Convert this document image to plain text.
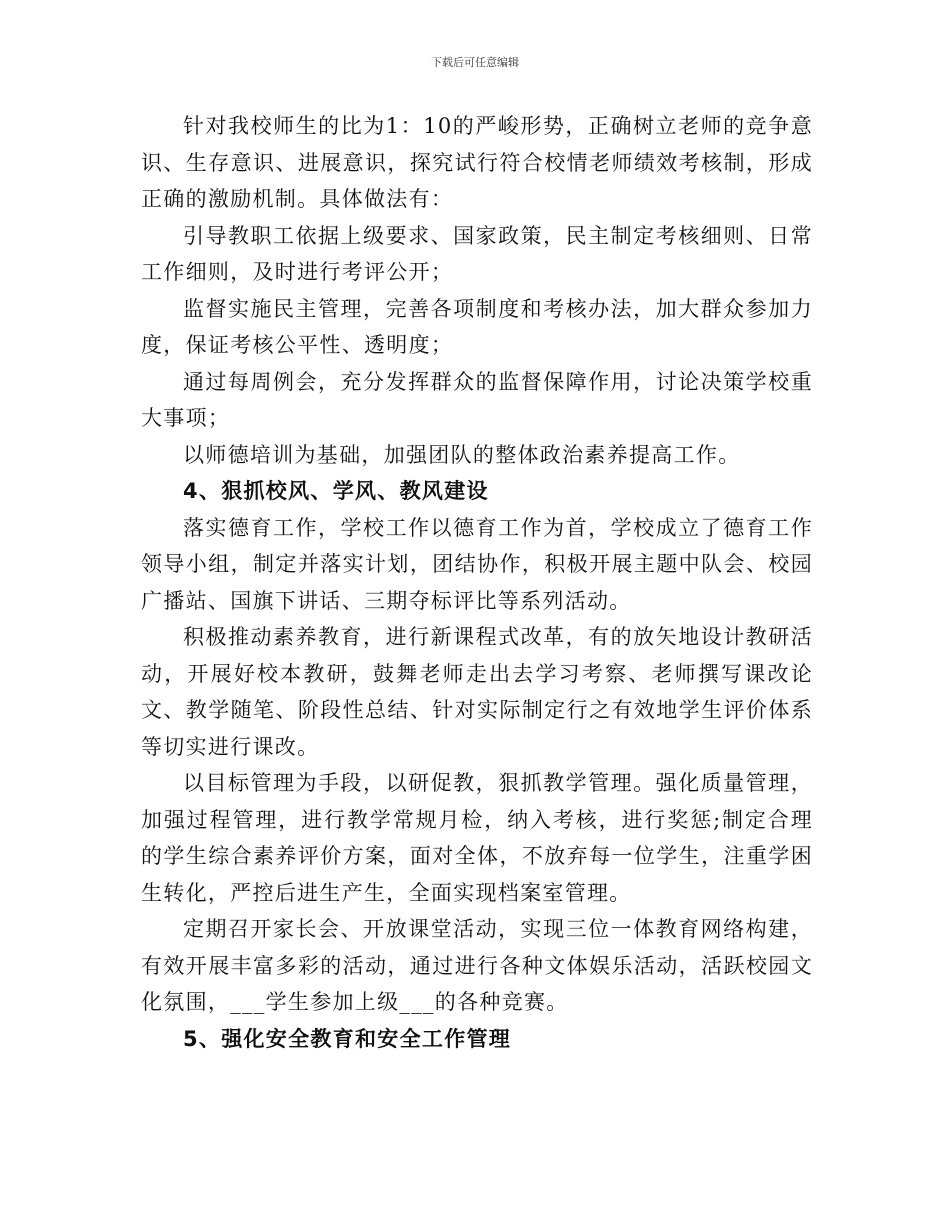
下载后可任意编辑

针对我校师生的比为1：10的严峻形势，正确树立老师的竞争意识、生存意识、进展意识，探究试行符合校情老师绩效考核制，形成正确的激励机制。具体做法有：

引导教职工依据上级要求、国家政策，民主制定考核细则、日常工作细则，及时进行考评公开；

监督实施民主管理，完善各项制度和考核办法，加大群众参加力度，保证考核公平性、透明度；

通过每周例会，充分发挥群众的监督保障作用，讨论决策学校重大事项；

以师德培训为基础，加强团队的整体政治素养提高工作。

4、狠抓校风、学风、教风建设

落实德育工作，学校工作以德育工作为首，学校成立了德育工作领导小组，制定并落实计划，团结协作，积极开展主题中队会、校园广播站、国旗下讲话、三期夺标评比等系列活动。

积极推动素养教育，进行新课程式改革，有的放矢地设计教研活动，开展好校本教研，鼓舞老师走出去学习考察、老师撰写课改论文、教学随笔、阶段性总结、针对实际制定行之有效地学生评价体系等切实进行课改。

以目标管理为手段，以研促教，狠抓教学管理。强化质量管理，加强过程管理，进行教学常规月检，纳入考核，进行奖惩;制定合理的学生综合素养评价方案，面对全体，不放弃每一位学生，注重学困生转化，严控后进生产生，全面实现档案室管理。

定期召开家长会、开放课堂活动，实现三位一体教育网络构建，有效开展丰富多彩的活动，通过进行各种文体娱乐活动，活跃校园文化氛围，___学生参加上级___的各种竞赛。

5、强化安全教育和安全工作管理
